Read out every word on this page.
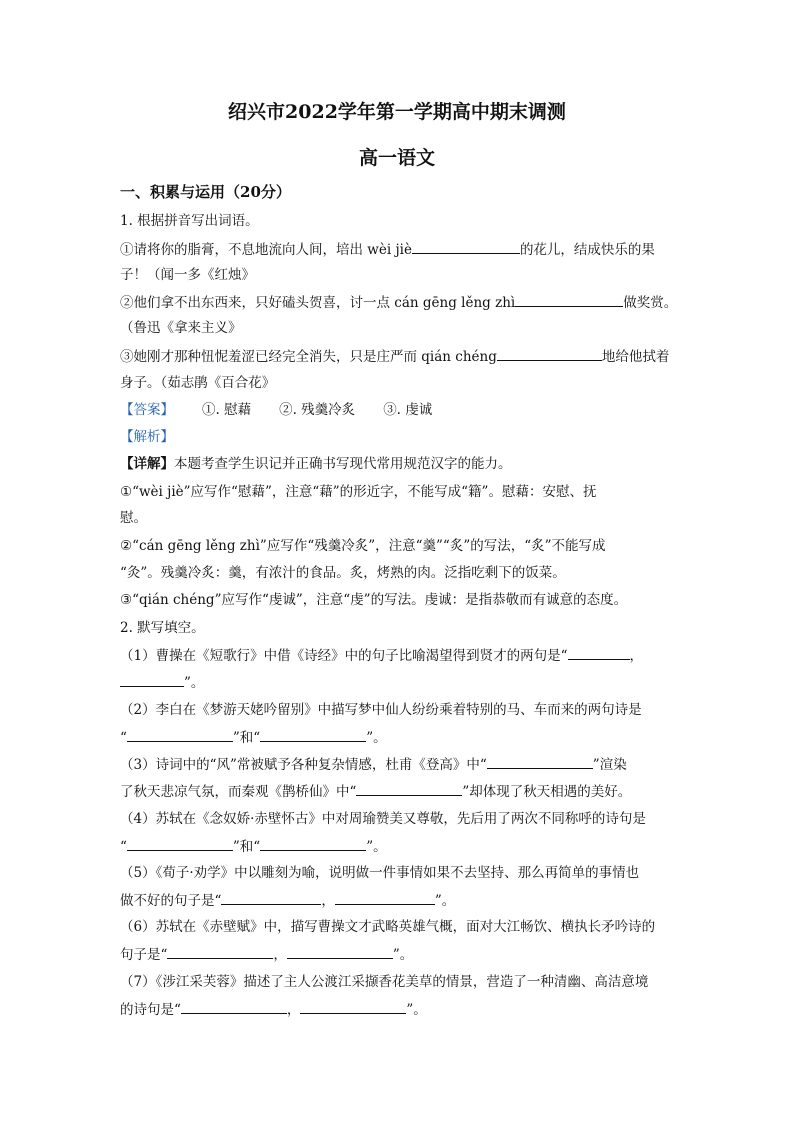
绍兴市2022学年第一学期高中期末调测
高一语文
一、积累与运用（20分）
1. 根据拼音写出词语。
①请将你的脂膏，不息地流向人间，培出 wèi jiè	的花儿，结成快乐的果
子！（闻一多《红烛》
②他们拿不出东西来，只好磕头贺喜，讨一点 cán gēng lěng zhì	做奖赏。
（鲁迅《拿来主义》
③她刚才那种忸怩羞涩已经完全消失，只是庄严而 qián chéng	地给他拭着
身子。（茹志鹃《百合花》
【答案】 ①. 慰藉 ②. 残羹冷炙 ③. 虔诚
【解析】
【详解】本题考查学生识记并正确书写现代常用规范汉字的能力。
①“wèi jiè”应写作“慰藉”，注意“藉”的形近字，不能写成“籍”。慰藉：安慰、抚
慰。
②“cán gēng lěng zhì”应写作“残羹冷炙”，注意“羹”“炙”的写法，“炙”不能写成
“灸”。残羹冷炙：羹，有浓汁的食品。炙，烤熟的肉。泛指吃剩下的饭菜。
③“qián chéng”应写作“虔诚”，注意“虔”的写法。虔诚：是指恭敬而有诚意的态度。
2. 默写填空。
（1）曹操在《短歌行》中借《诗经》中的句子比喻渴望得到贤才的两句是“	，
”。
（2）李白在《梦游天姥吟留别》中描写梦中仙人纷纷乘着特别的马、车而来的两句诗是
“	”和“	”。
（3）诗词中的“风”常被赋予各种复杂情感，杜甫《登高》中“	”渲染
了秋天悲凉气氛，而秦观《鹊桥仙》中“	”却体现了秋天相遇的美好。
（4）苏轼在《念奴娇·赤壁怀古》中对周瑜赞美又尊敬，先后用了两次不同称呼的诗句是
“	”和“	”。
（5）《荀子·劝学》中以雕刻为喻，说明做一件事情如果不去坚持、那么再简单的事情也
做不好的句子是“	，	”。
（6）苏轼在《赤壁赋》中，描写曹操文才武略英雄气概，面对大江畅饮、横执长矛吟诗的
句子是“	，	”。
（7）《涉江采芙蓉》描述了主人公渡江采撷香花美草的情景，营造了一种清幽、高洁意境
的诗句是“	，	”。
